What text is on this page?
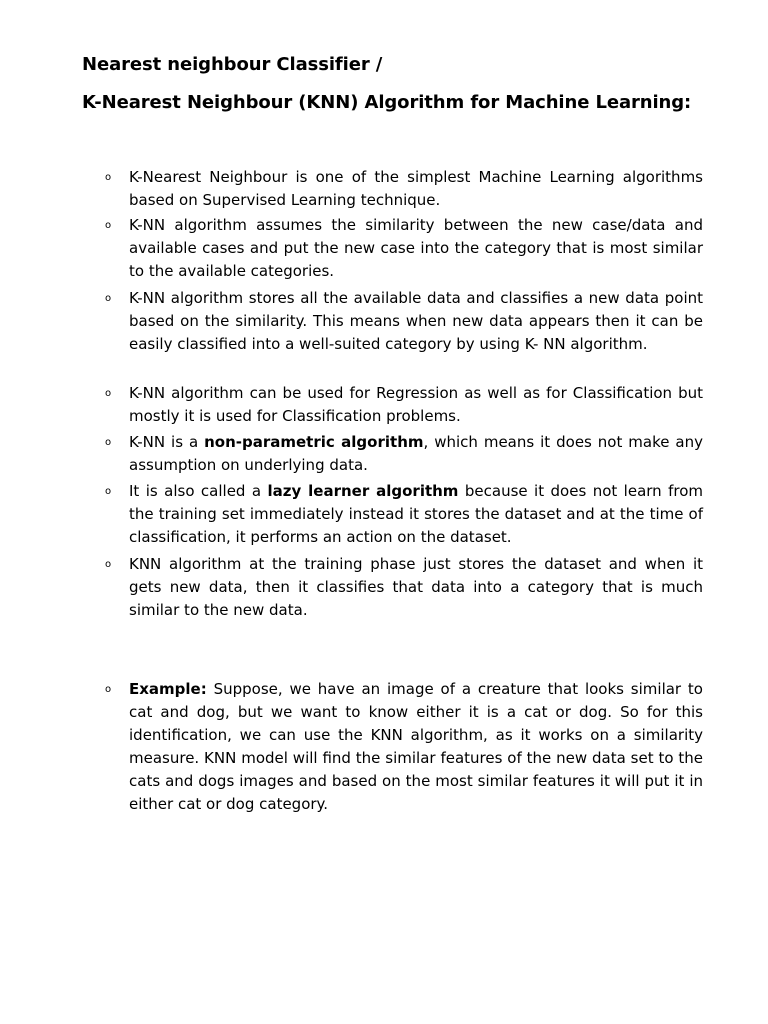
Nearest neighbour Classifier /
K-Nearest Neighbour (KNN) Algorithm for Machine Learning:
o	K-Nearest Neighbour is one of the simplest Machine Learning algorithms based on Supervised Learning technique.

o	K-NN algorithm assumes the similarity between the new case/data and available cases and put the new case into the category that is most similar to the available categories.

o	K-NN algorithm stores all the available data and classifies a new data point based on the similarity. This means when new data appears then it can be easily classified into a well-suited category by using K- NN algorithm.

o	K-NN algorithm can be used for Regression as well as for Classification but mostly it is used for Classification problems.

o	K-NN is a non-parametric algorithm, which means it does not make any assumption on underlying data.

o	It is also called a lazy learner algorithm because it does not learn from the training set immediately instead it stores the dataset and at the time of classification, it performs an action on the dataset.

o	KNN algorithm at the training phase just stores the dataset and when it gets new data, then it classifies that data into a category that is much similar to the new data.

o	Example: Suppose, we have an image of a creature that looks similar to cat and dog, but we want to know either it is a cat or dog. So for this identification, we can use the KNN algorithm, as it works on a similarity measure. KNN model will find the similar features of the new data set to the cats and dogs images and based on the most similar features it will put it in either cat or dog category.
